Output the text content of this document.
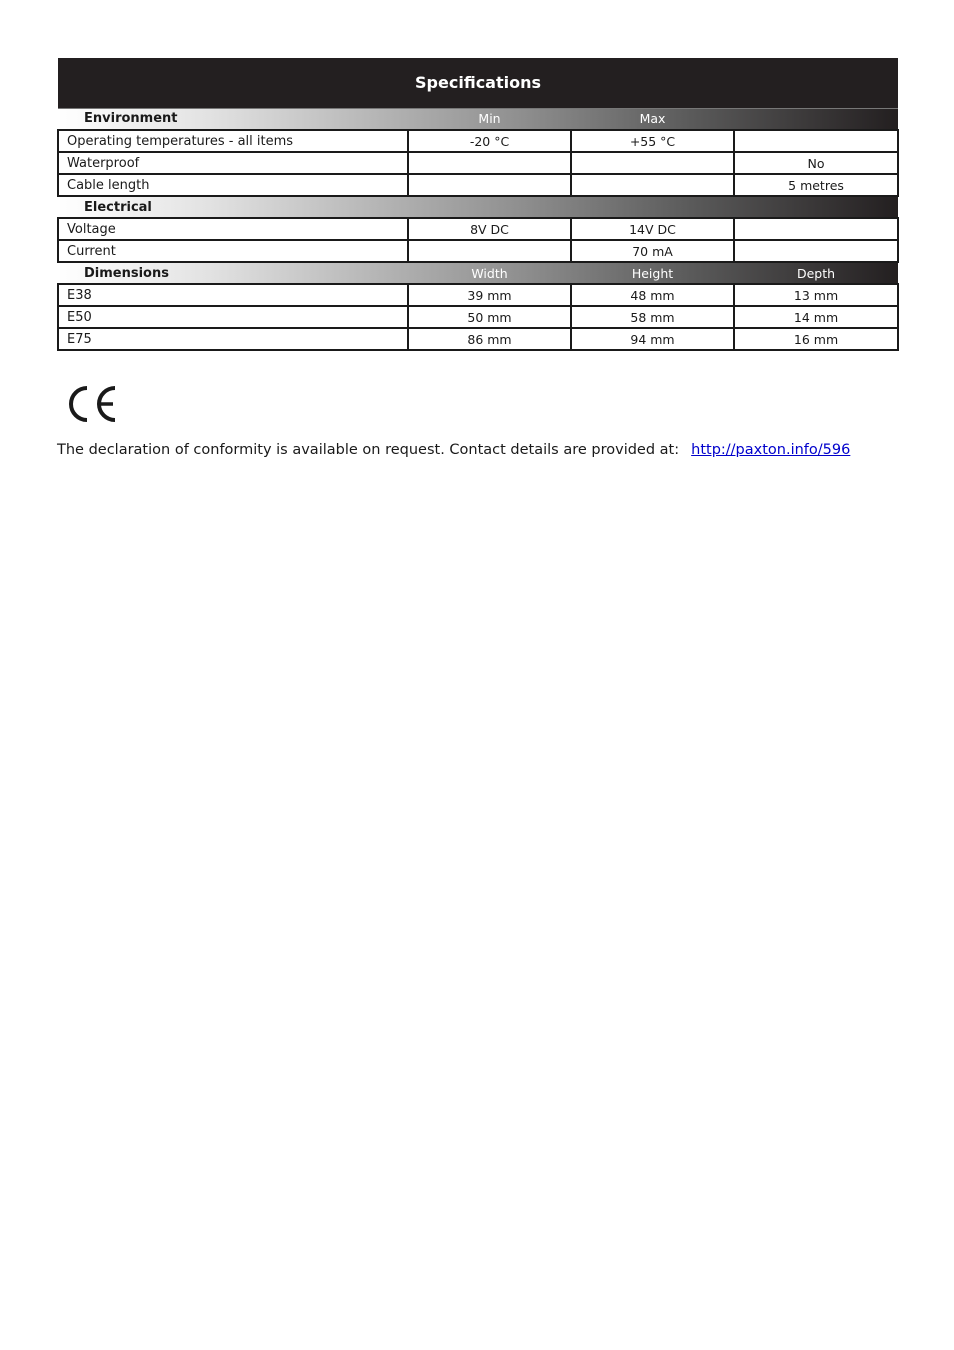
Specifications			
Environment	Min	Max	
Operating temperatures - all items	-20 °C	+55 °C	
Waterproof			No
Cable length			5 metres
Electrical			
Voltage	8V DC	14V DC	
Current		70 mA	
Dimensions	Width	Height	Depth
E38	39 mm	48 mm	13 mm
E50	50 mm	58 mm	14 mm
E75	86 mm	94 mm	16 mm
The declaration of conformity is available on request. Contact details are provided at: http://paxton.info/596
